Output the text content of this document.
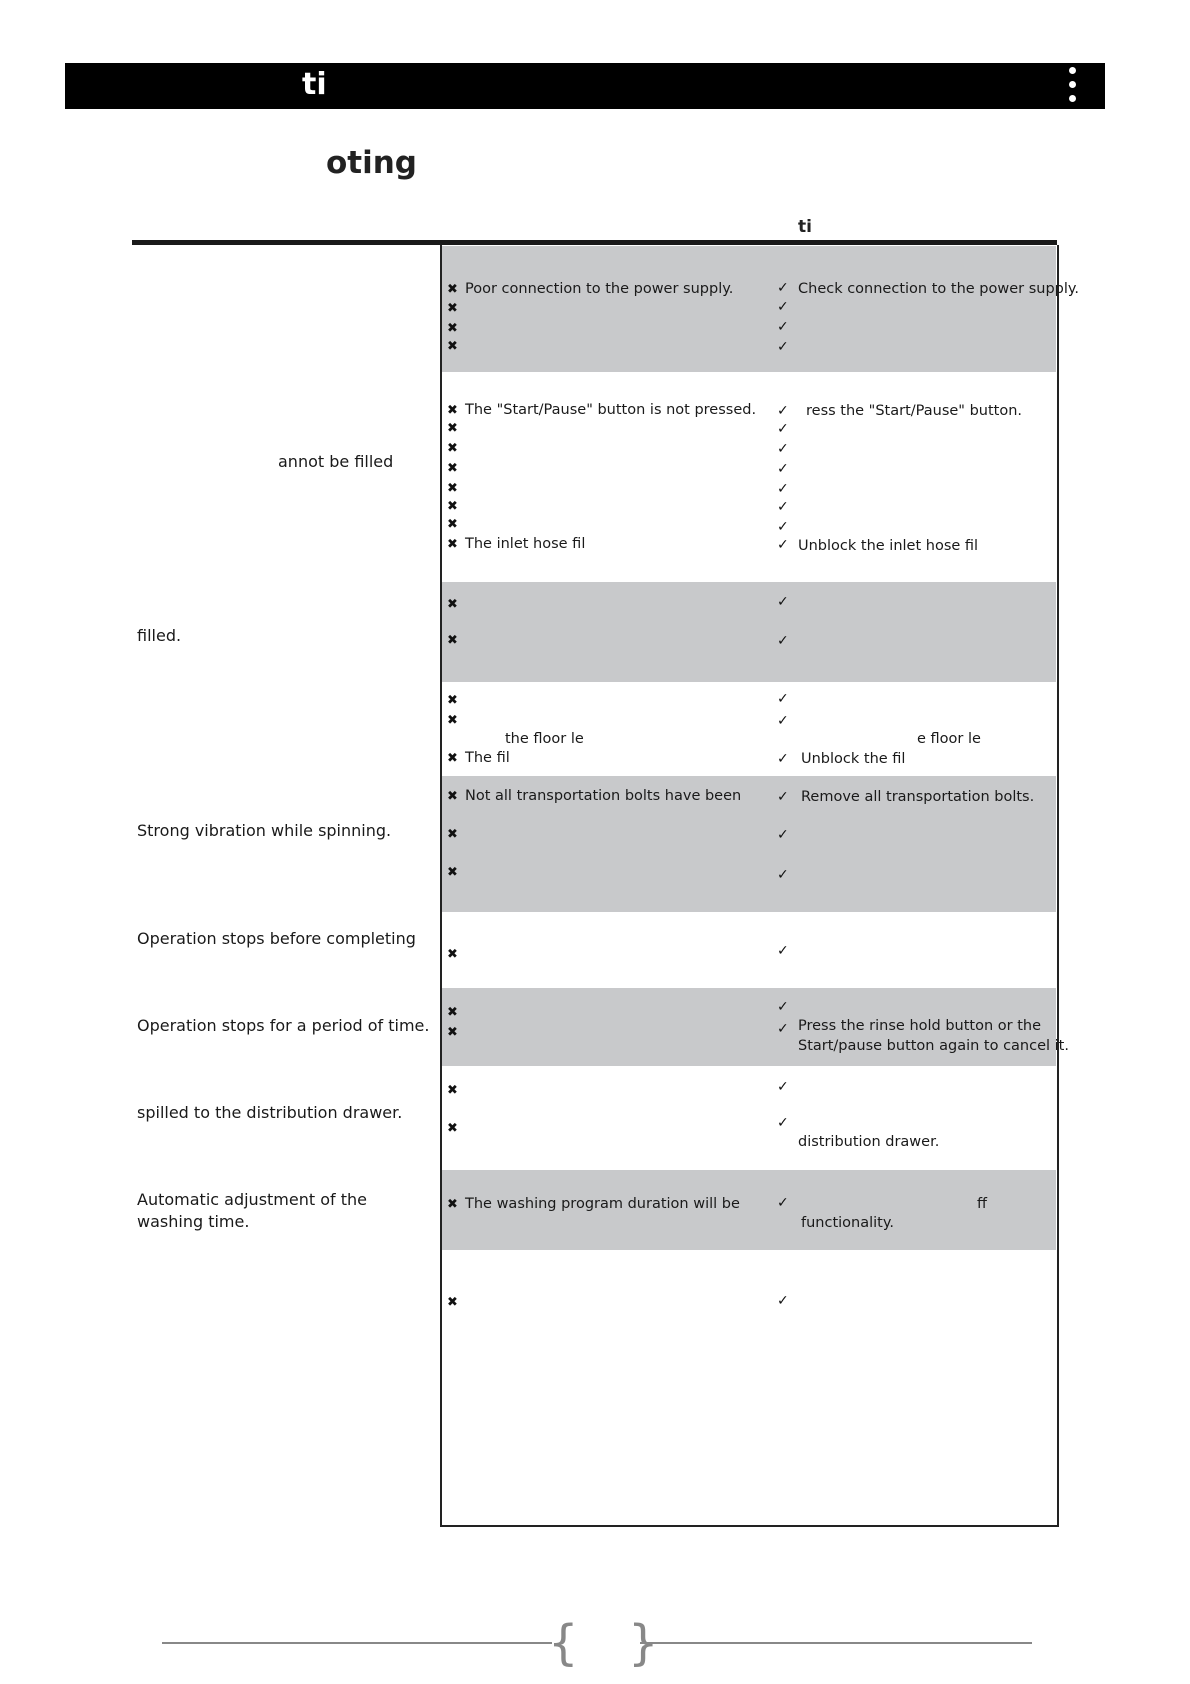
ti
oting
ti
annot be filled
filled.
Strong vibration while spinning.
Operation stops before completing
Operation stops for a period of time.
spilled to the distribution drawer.
Automatic adjustment of the
washing time.
✖
✖
✖
✖
✖
✖
✖
✖
✖
✖
✖
✖
✖
✖
✖
✖
✖
✖
✖
✖
✖
✖
✖
✖
✖
✖
✖
Poor connection to the power supply.
The "Start/Pause" button is not pressed.
The inlet hose fil
the floor le
The fil
Not all transportation bolts have been
The washing program duration will be
✓
✓
✓
✓
✓
✓
✓
✓
✓
✓
✓
✓
✓
✓
✓
✓
✓
✓
✓
✓
✓
✓
✓
✓
✓
✓
✓
Check connection to the power supply.
ress the "Start/Pause" button.
Unblock the inlet hose fil
e floor le
Unblock the fil
Remove all transportation bolts.
Press the rinse hold button or the
Start/pause button again to cancel it.
distribution drawer.
ff
functionality.
{ }
